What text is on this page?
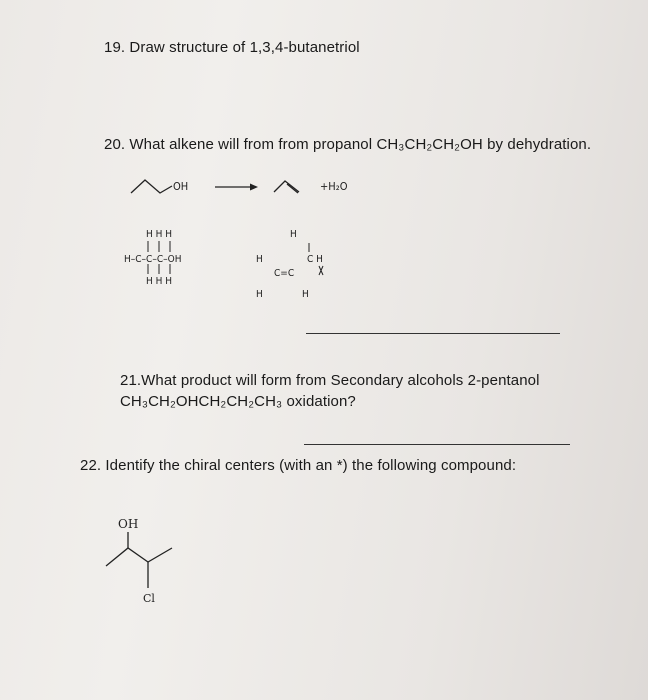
19. Draw structure of 1,3,4-butanetriol
20. What alkene will from from propanol CH₃CH₂CH₂OH by dehydration.
OH	+H₂O
H H H
H–C–C–C–OH
H H H
H
H	C H
C=C
H	H
OH
Cl
21.What product will form from Secondary alcohols 2-pentanol
CH₃CH₂OHCH₂CH₂CH₃ oxidation?
22. Identify the chiral centers (with an *) the following compound:
